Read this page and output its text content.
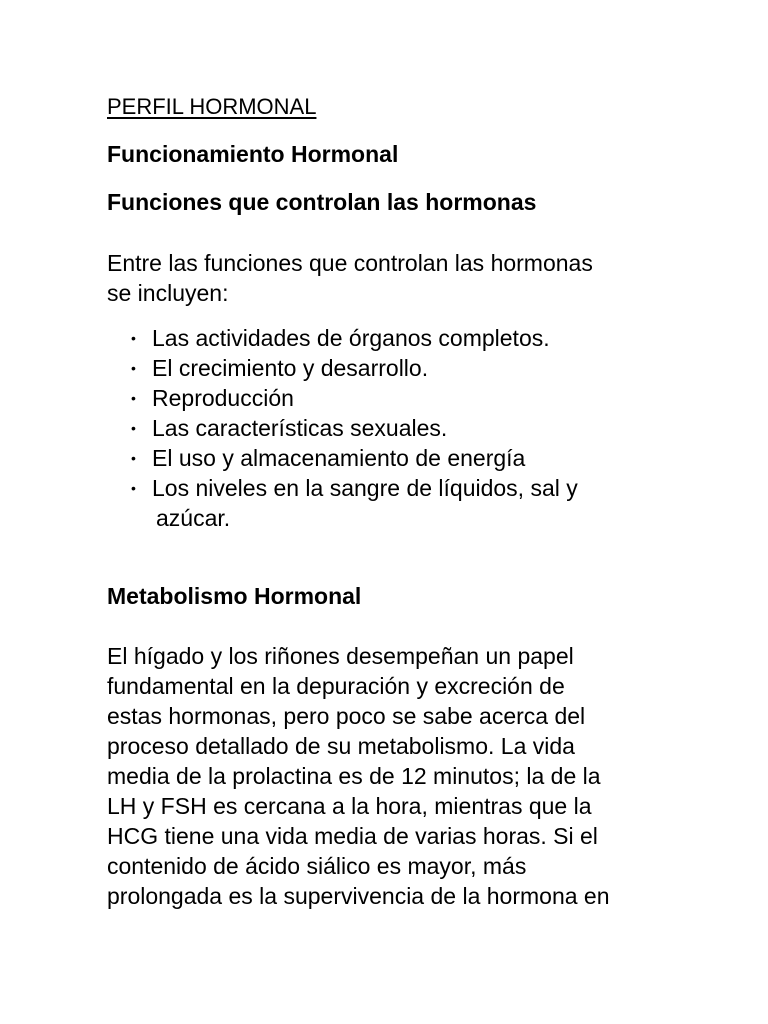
PERFIL HORMONAL
Funcionamiento Hormonal
Funciones que controlan las hormonas
Entre las funciones que controlan las hormonas
se incluyen:
• Las actividades de órganos completos.
• El crecimiento y desarrollo.
• Reproducción
• Las características sexuales.
• El uso y almacenamiento de energía
• Los niveles en la sangre de líquidos, sal y
azúcar.
Metabolismo Hormonal
El hígado y los riñones desempeñan un papel
fundamental en la depuración y excreción de
estas hormonas, pero poco se sabe acerca del
proceso detallado de su metabolismo. La vida
media de la prolactina es de 12 minutos; la de la
LH y FSH es cercana a la hora, mientras que la
HCG tiene una vida media de varias horas. Si el
contenido de ácido siálico es mayor, más
prolongada es la supervivencia de la hormona en
